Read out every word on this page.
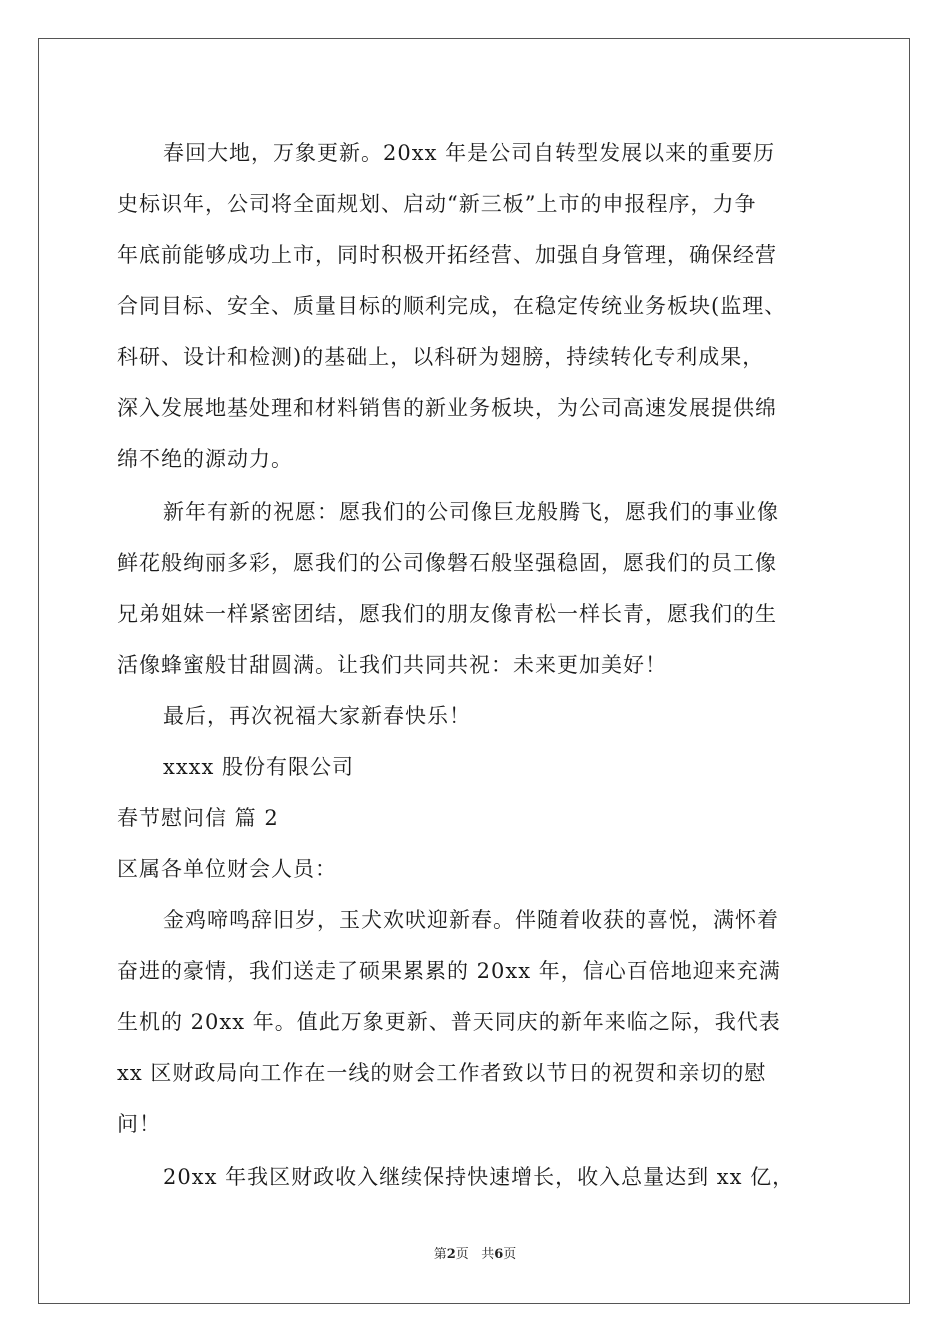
春回大地，万象更新。20xx 年是公司自转型发展以来的重要历
史标识年，公司将全面规划、启动“新三板”上市的申报程序，力争
年底前能够成功上市，同时积极开拓经营、加强自身管理，确保经营
合同目标、安全、质量目标的顺利完成，在稳定传统业务板块(监理、
科研、设计和检测)的基础上，以科研为翅膀，持续转化专利成果，
深入发展地基处理和材料销售的新业务板块，为公司高速发展提供绵
绵不绝的源动力。
新年有新的祝愿：愿我们的公司像巨龙般腾飞，愿我们的事业像
鲜花般绚丽多彩，愿我们的公司像磐石般坚强稳固，愿我们的员工像
兄弟姐妹一样紧密团结，愿我们的朋友像青松一样长青，愿我们的生
活像蜂蜜般甘甜圆满。让我们共同共祝：未来更加美好！
最后，再次祝福大家新春快乐！
xxxx 股份有限公司
春节慰问信 篇 2
区属各单位财会人员：
金鸡啼鸣辞旧岁，玉犬欢吠迎新春。伴随着收获的喜悦，满怀着
奋进的豪情，我们送走了硕果累累的 20xx 年，信心百倍地迎来充满
生机的 20xx 年。值此万象更新、普天同庆的新年来临之际，我代表
xx 区财政局向工作在一线的财会工作者致以节日的祝贺和亲切的慰
问！
20xx 年我区财政收入继续保持快速增长，收入总量达到 xx 亿，
第2页 共6页
